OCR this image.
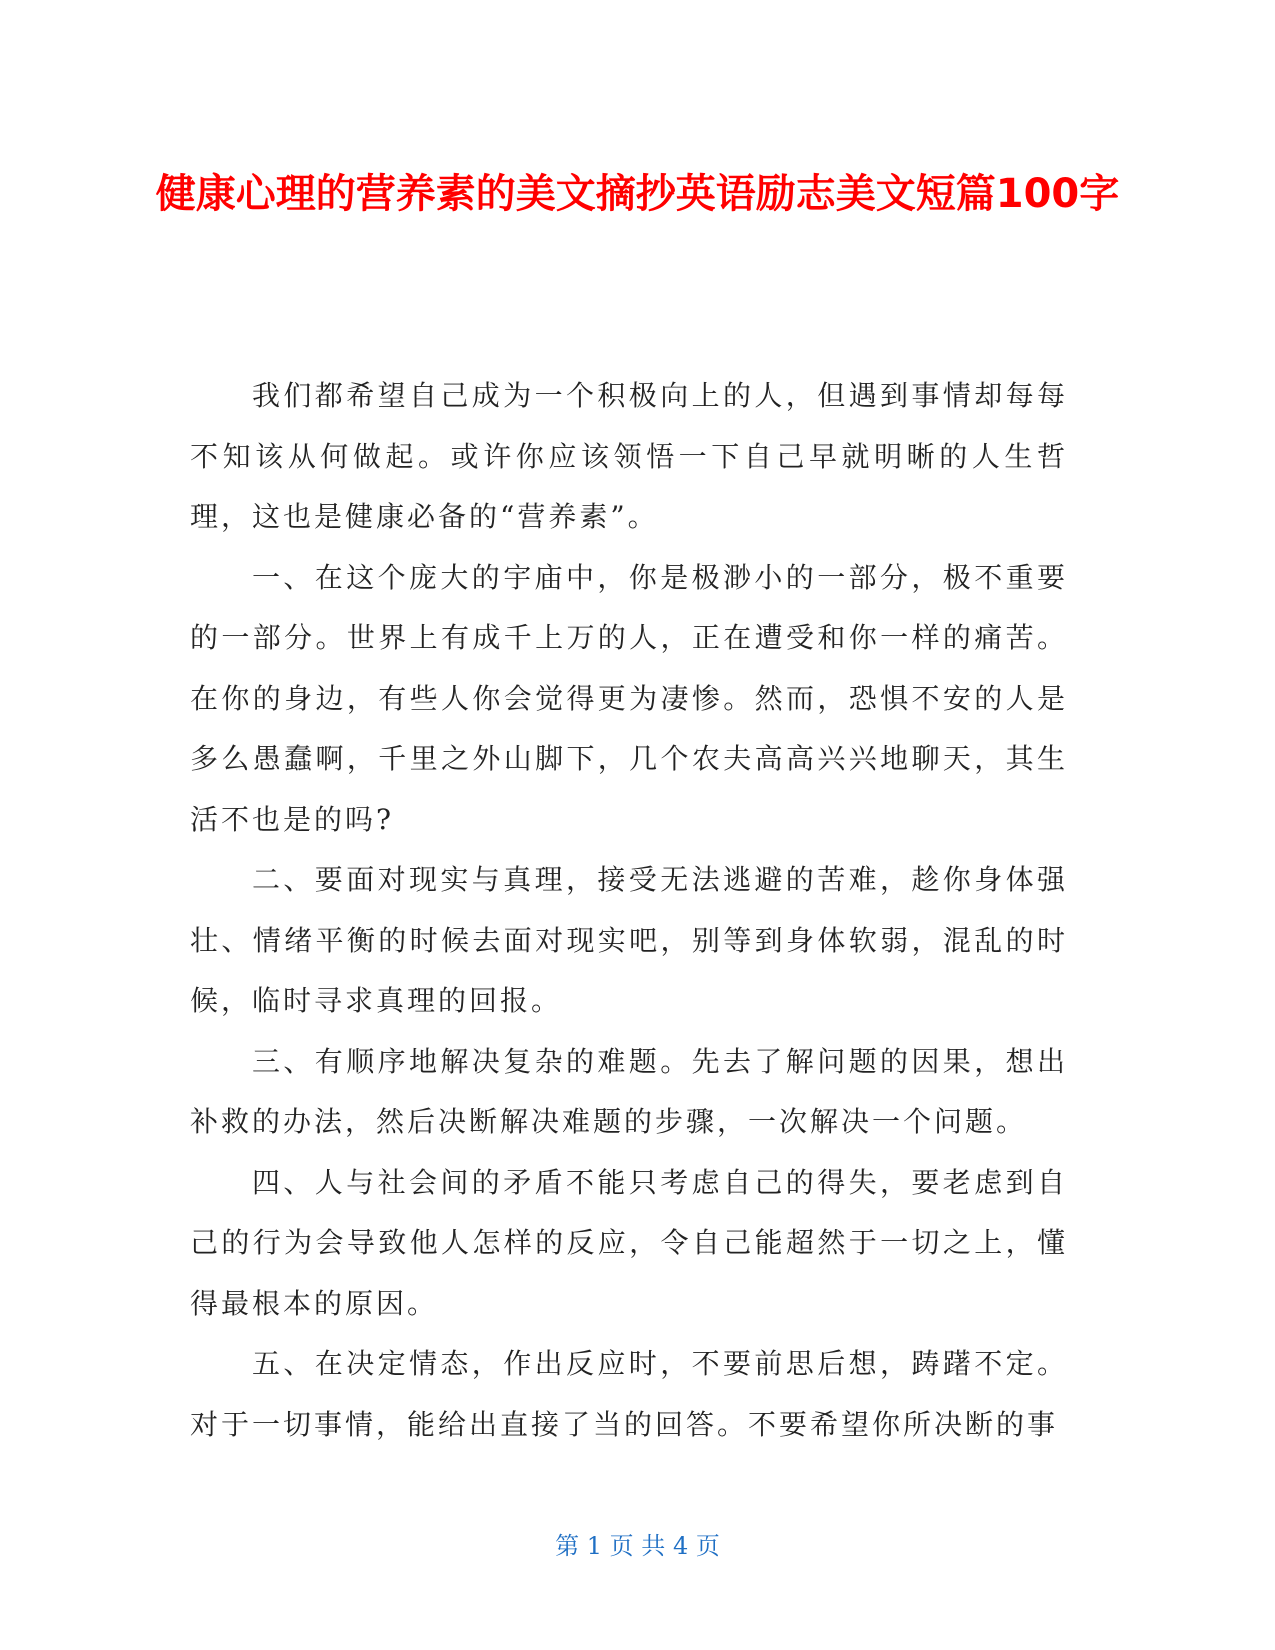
健康心理的营养素的美文摘抄英语励志美文短篇100字

我们都希望自己成为一个积极向上的人，但遇到事情却每每不知该从何做起。或许你应该领悟一下自己早就明晰的人生哲理，这也是健康必备的“营养素”。

一、在这个庞大的宇庙中，你是极渺小的一部分，极不重要的一部分。世界上有成千上万的人，正在遭受和你一样的痛苦。在你的身边，有些人你会觉得更为凄惨。然而，恐惧不安的人是多么愚蠢啊，千里之外山脚下，几个农夫高高兴兴地聊天，其生活不也是的吗?

二、要面对现实与真理，接受无法逃避的苦难，趁你身体强壮、情绪平衡的时候去面对现实吧，别等到身体软弱，混乱的时候，临时寻求真理的回报。

三、有顺序地解决复杂的难题。先去了解问题的因果，想出补救的办法，然后决断解决难题的步骤，一次解决一个问题。

四、人与社会间的矛盾不能只考虑自己的得失，要老虑到自己的行为会导致他人怎样的反应，令自己能超然于一切之上，懂得最根本的原因。

五、在决定情态，作出反应时，不要前思后想，踌躇不定。对于一切事情，能给出直接了当的回答。不要希望你所决断的事

第 1 页 共 4 页
